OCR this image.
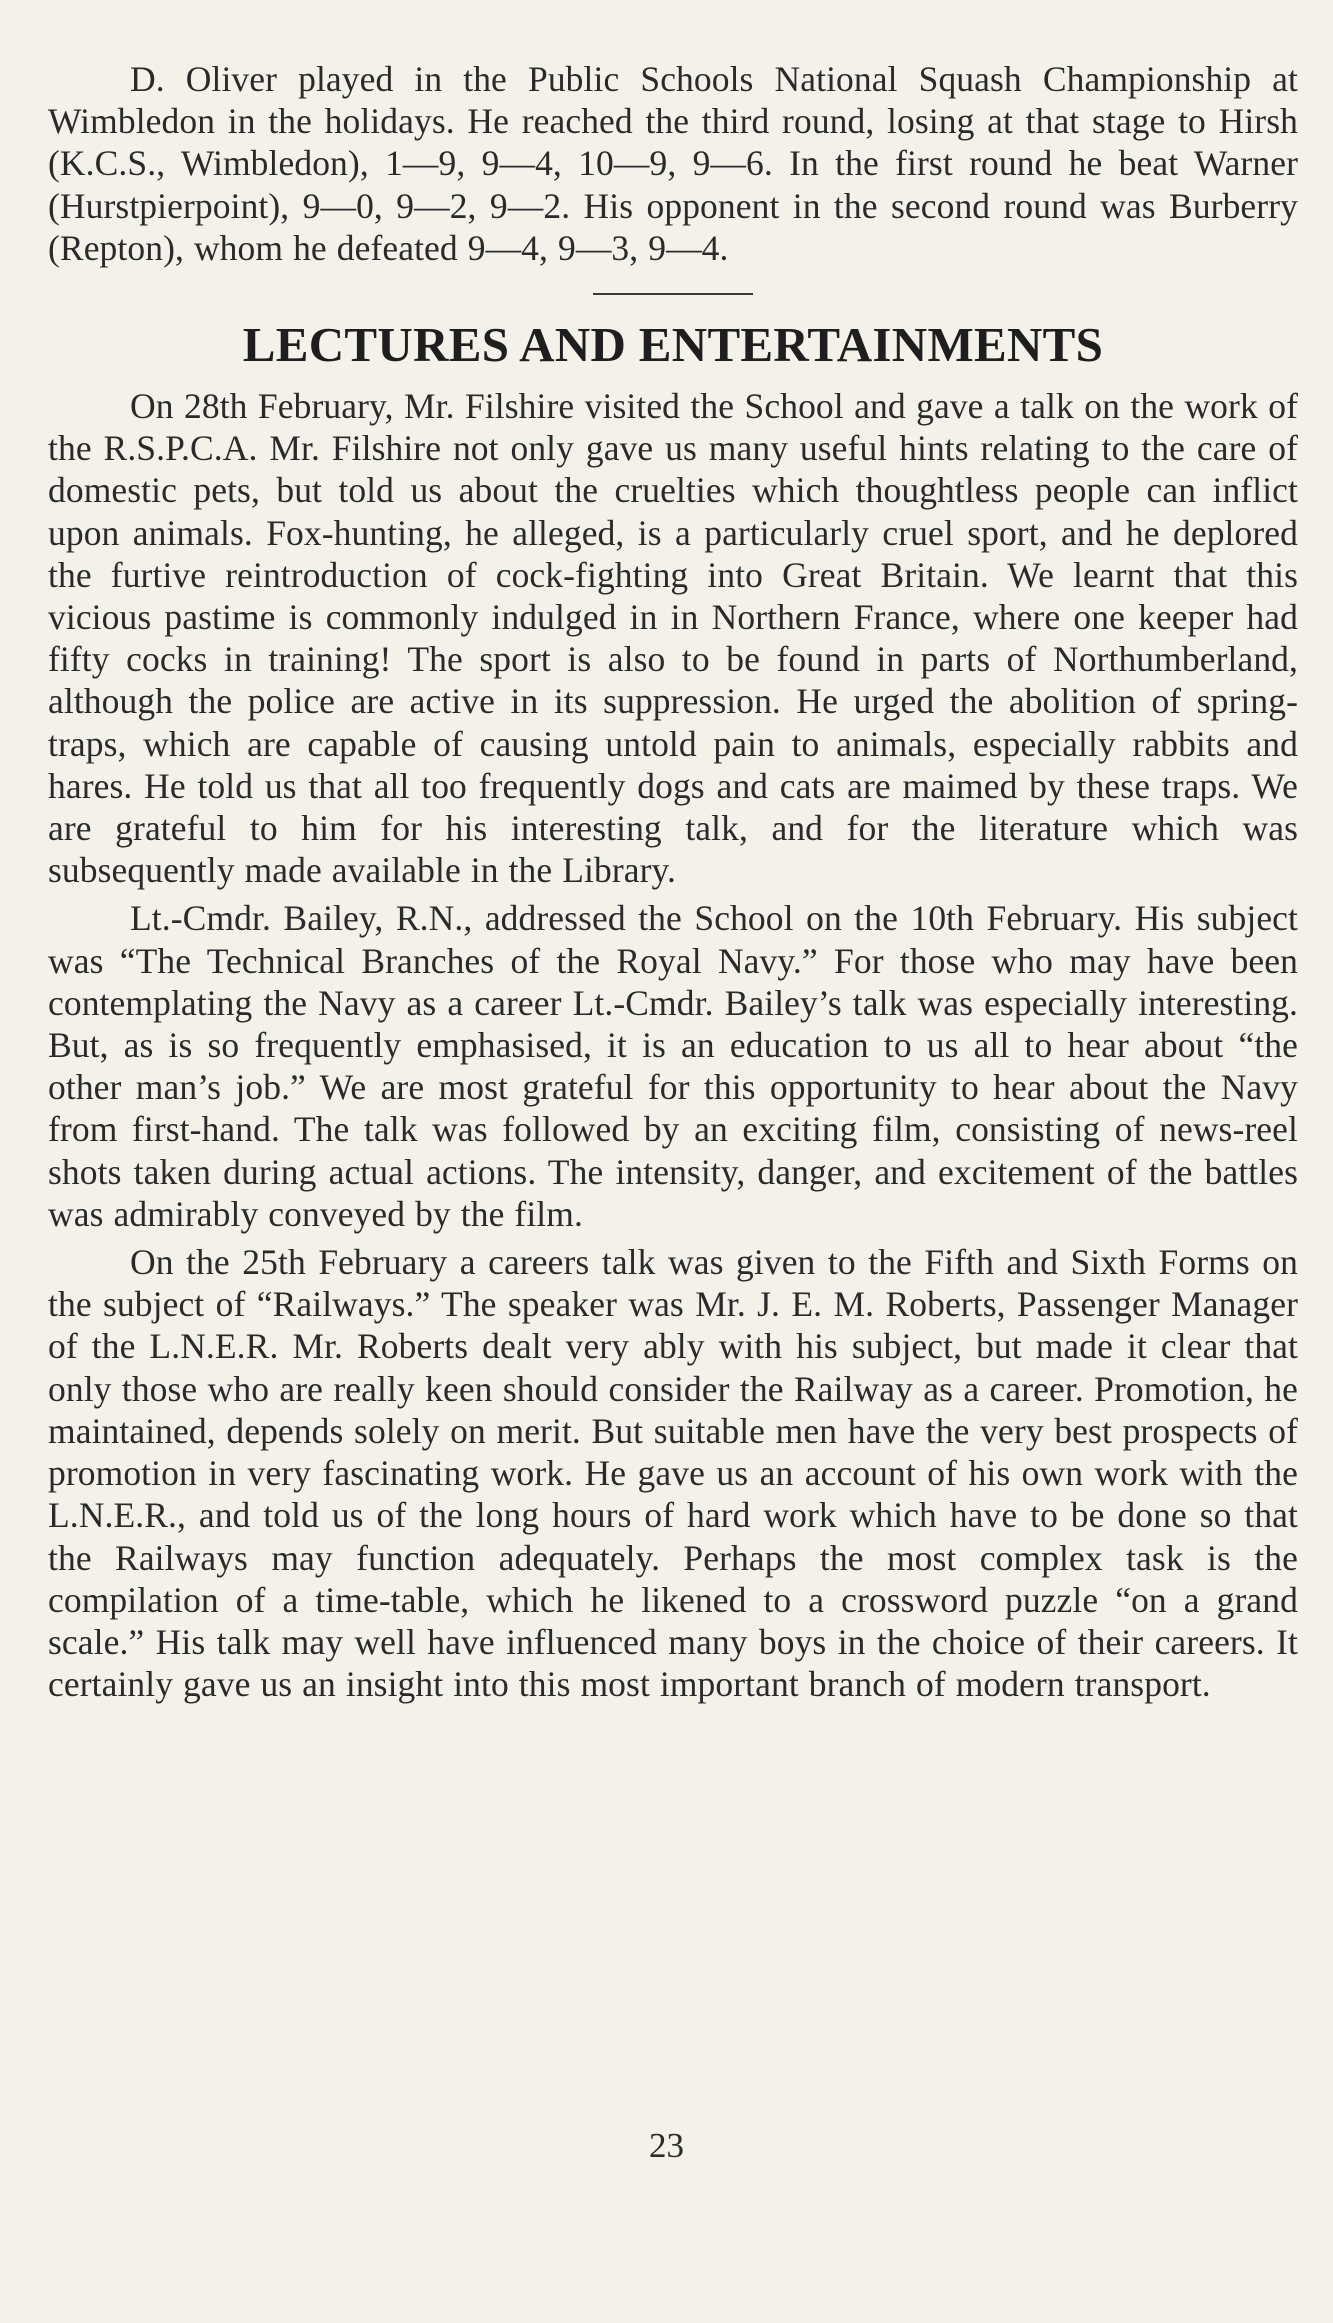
D. Oliver played in the Public Schools National Squash Championship at Wimbledon in the holidays. He reached the third round, losing at that stage to Hirsh (K.C.S., Wimbledon), 1—9, 9—4, 10—9, 9—6. In the first round he beat Warner (Hurstpierpoint), 9—0, 9—2, 9—2. His opponent in the second round was Burberry (Repton), whom he defeated 9—4, 9—3, 9—4.

LECTURES AND ENTERTAINMENTS

On 28th February, Mr. Filshire visited the School and gave a talk on the work of the R.S.P.C.A. Mr. Filshire not only gave us many useful hints relating to the care of domestic pets, but told us about the cruelties which thoughtless people can inflict upon animals. Fox-hunting, he alleged, is a particularly cruel sport, and he deplored the furtive reintroduction of cock-fighting into Great Britain. We learnt that this vicious pastime is commonly indulged in in Northern France, where one keeper had fifty cocks in training! The sport is also to be found in parts of Northumberland, although the police are active in its suppression. He urged the abolition of spring-traps, which are capable of causing untold pain to animals, especially rabbits and hares. He told us that all too frequently dogs and cats are maimed by these traps. We are grateful to him for his interesting talk, and for the literature which was subsequently made available in the Library.

Lt.-Cmdr. Bailey, R.N., addressed the School on the 10th February. His subject was “The Technical Branches of the Royal Navy.” For those who may have been contemplating the Navy as a career Lt.-Cmdr. Bailey’s talk was especially interesting. But, as is so frequently emphasised, it is an education to us all to hear about “the other man’s job.” We are most grateful for this opportunity to hear about the Navy from first-hand. The talk was followed by an exciting film, consisting of news-reel shots taken during actual actions. The intensity, danger, and excitement of the battles was admirably conveyed by the film.

On the 25th February a careers talk was given to the Fifth and Sixth Forms on the subject of “Railways.” The speaker was Mr. J. E. M. Roberts, Passenger Manager of the L.N.E.R. Mr. Roberts dealt very ably with his subject, but made it clear that only those who are really keen should consider the Railway as a career. Promotion, he maintained, depends solely on merit. But suitable men have the very best prospects of promotion in very fascinating work. He gave us an account of his own work with the L.N.E.R., and told us of the long hours of hard work which have to be done so that the Railways may function adequately. Perhaps the most complex task is the compilation of a time-table, which he likened to a crossword puzzle “on a grand scale.” His talk may well have influenced many boys in the choice of their careers. It certainly gave us an insight into this most important branch of modern transport.

23
